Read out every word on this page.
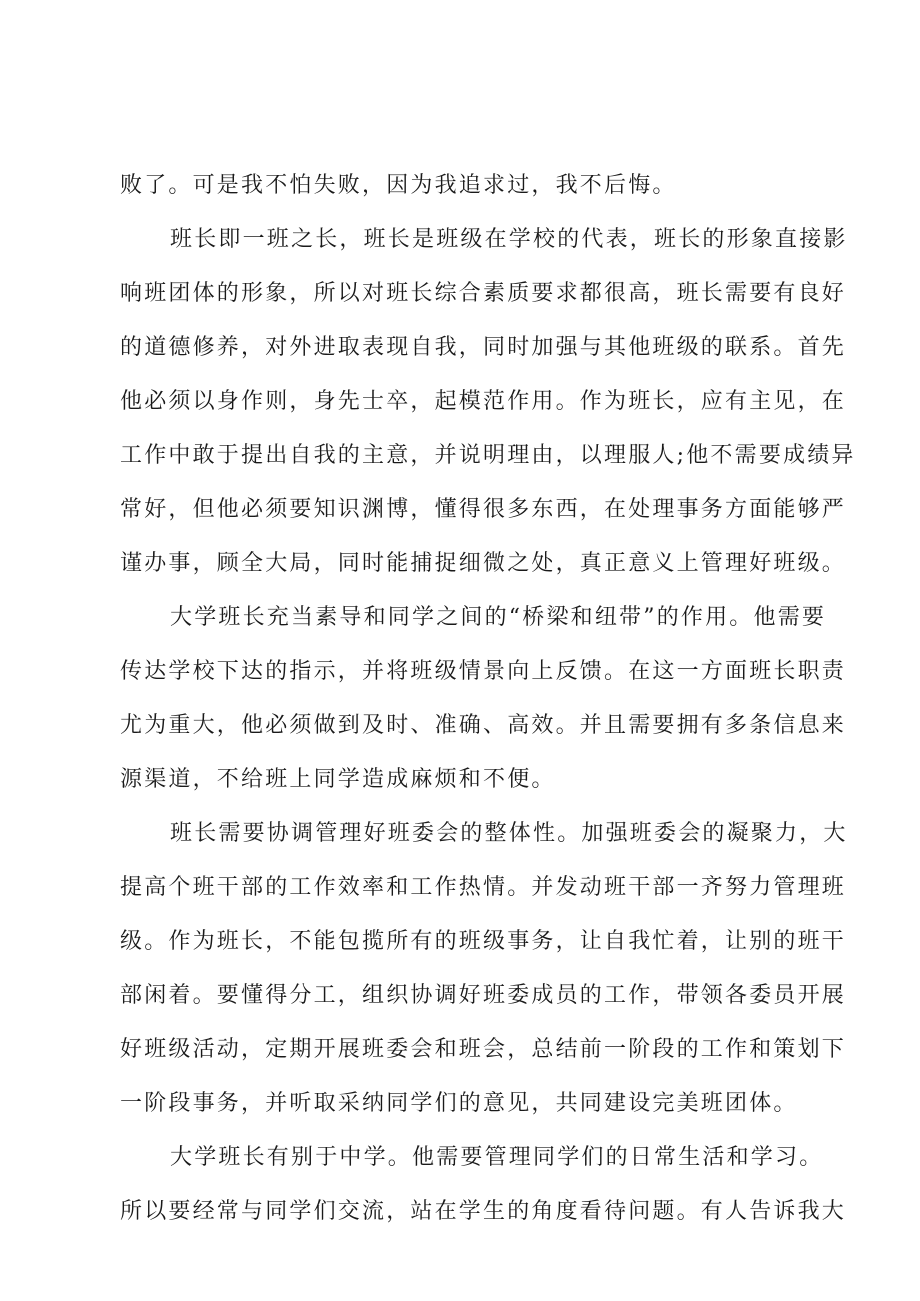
败了。可是我不怕失败，因为我追求过，我不后悔。
班长即一班之长，班长是班级在学校的代表，班长的形象直接影
响班团体的形象，所以对班长综合素质要求都很高，班长需要有良好
的道德修养，对外进取表现自我，同时加强与其他班级的联系。首先
他必须以身作则，身先士卒，起模范作用。作为班长，应有主见，在
工作中敢于提出自我的主意，并说明理由，以理服人;他不需要成绩异
常好，但他必须要知识渊博，懂得很多东西，在处理事务方面能够严
谨办事，顾全大局，同时能捕捉细微之处，真正意义上管理好班级。
大学班长充当素导和同学之间的“桥梁和纽带”的作用。他需要
传达学校下达的指示，并将班级情景向上反馈。在这一方面班长职责
尤为重大，他必须做到及时、准确、高效。并且需要拥有多条信息来
源渠道，不给班上同学造成麻烦和不便。
班长需要协调管理好班委会的整体性。加强班委会的凝聚力，大
提高个班干部的工作效率和工作热情。并发动班干部一齐努力管理班
级。作为班长，不能包揽所有的班级事务，让自我忙着，让别的班干
部闲着。要懂得分工，组织协调好班委成员的工作，带领各委员开展
好班级活动，定期开展班委会和班会，总结前一阶段的工作和策划下
一阶段事务，并听取采纳同学们的意见，共同建设完美班团体。
大学班长有别于中学。他需要管理同学们的日常生活和学习。
所以要经常与同学们交流，站在学生的角度看待问题。有人告诉我大
